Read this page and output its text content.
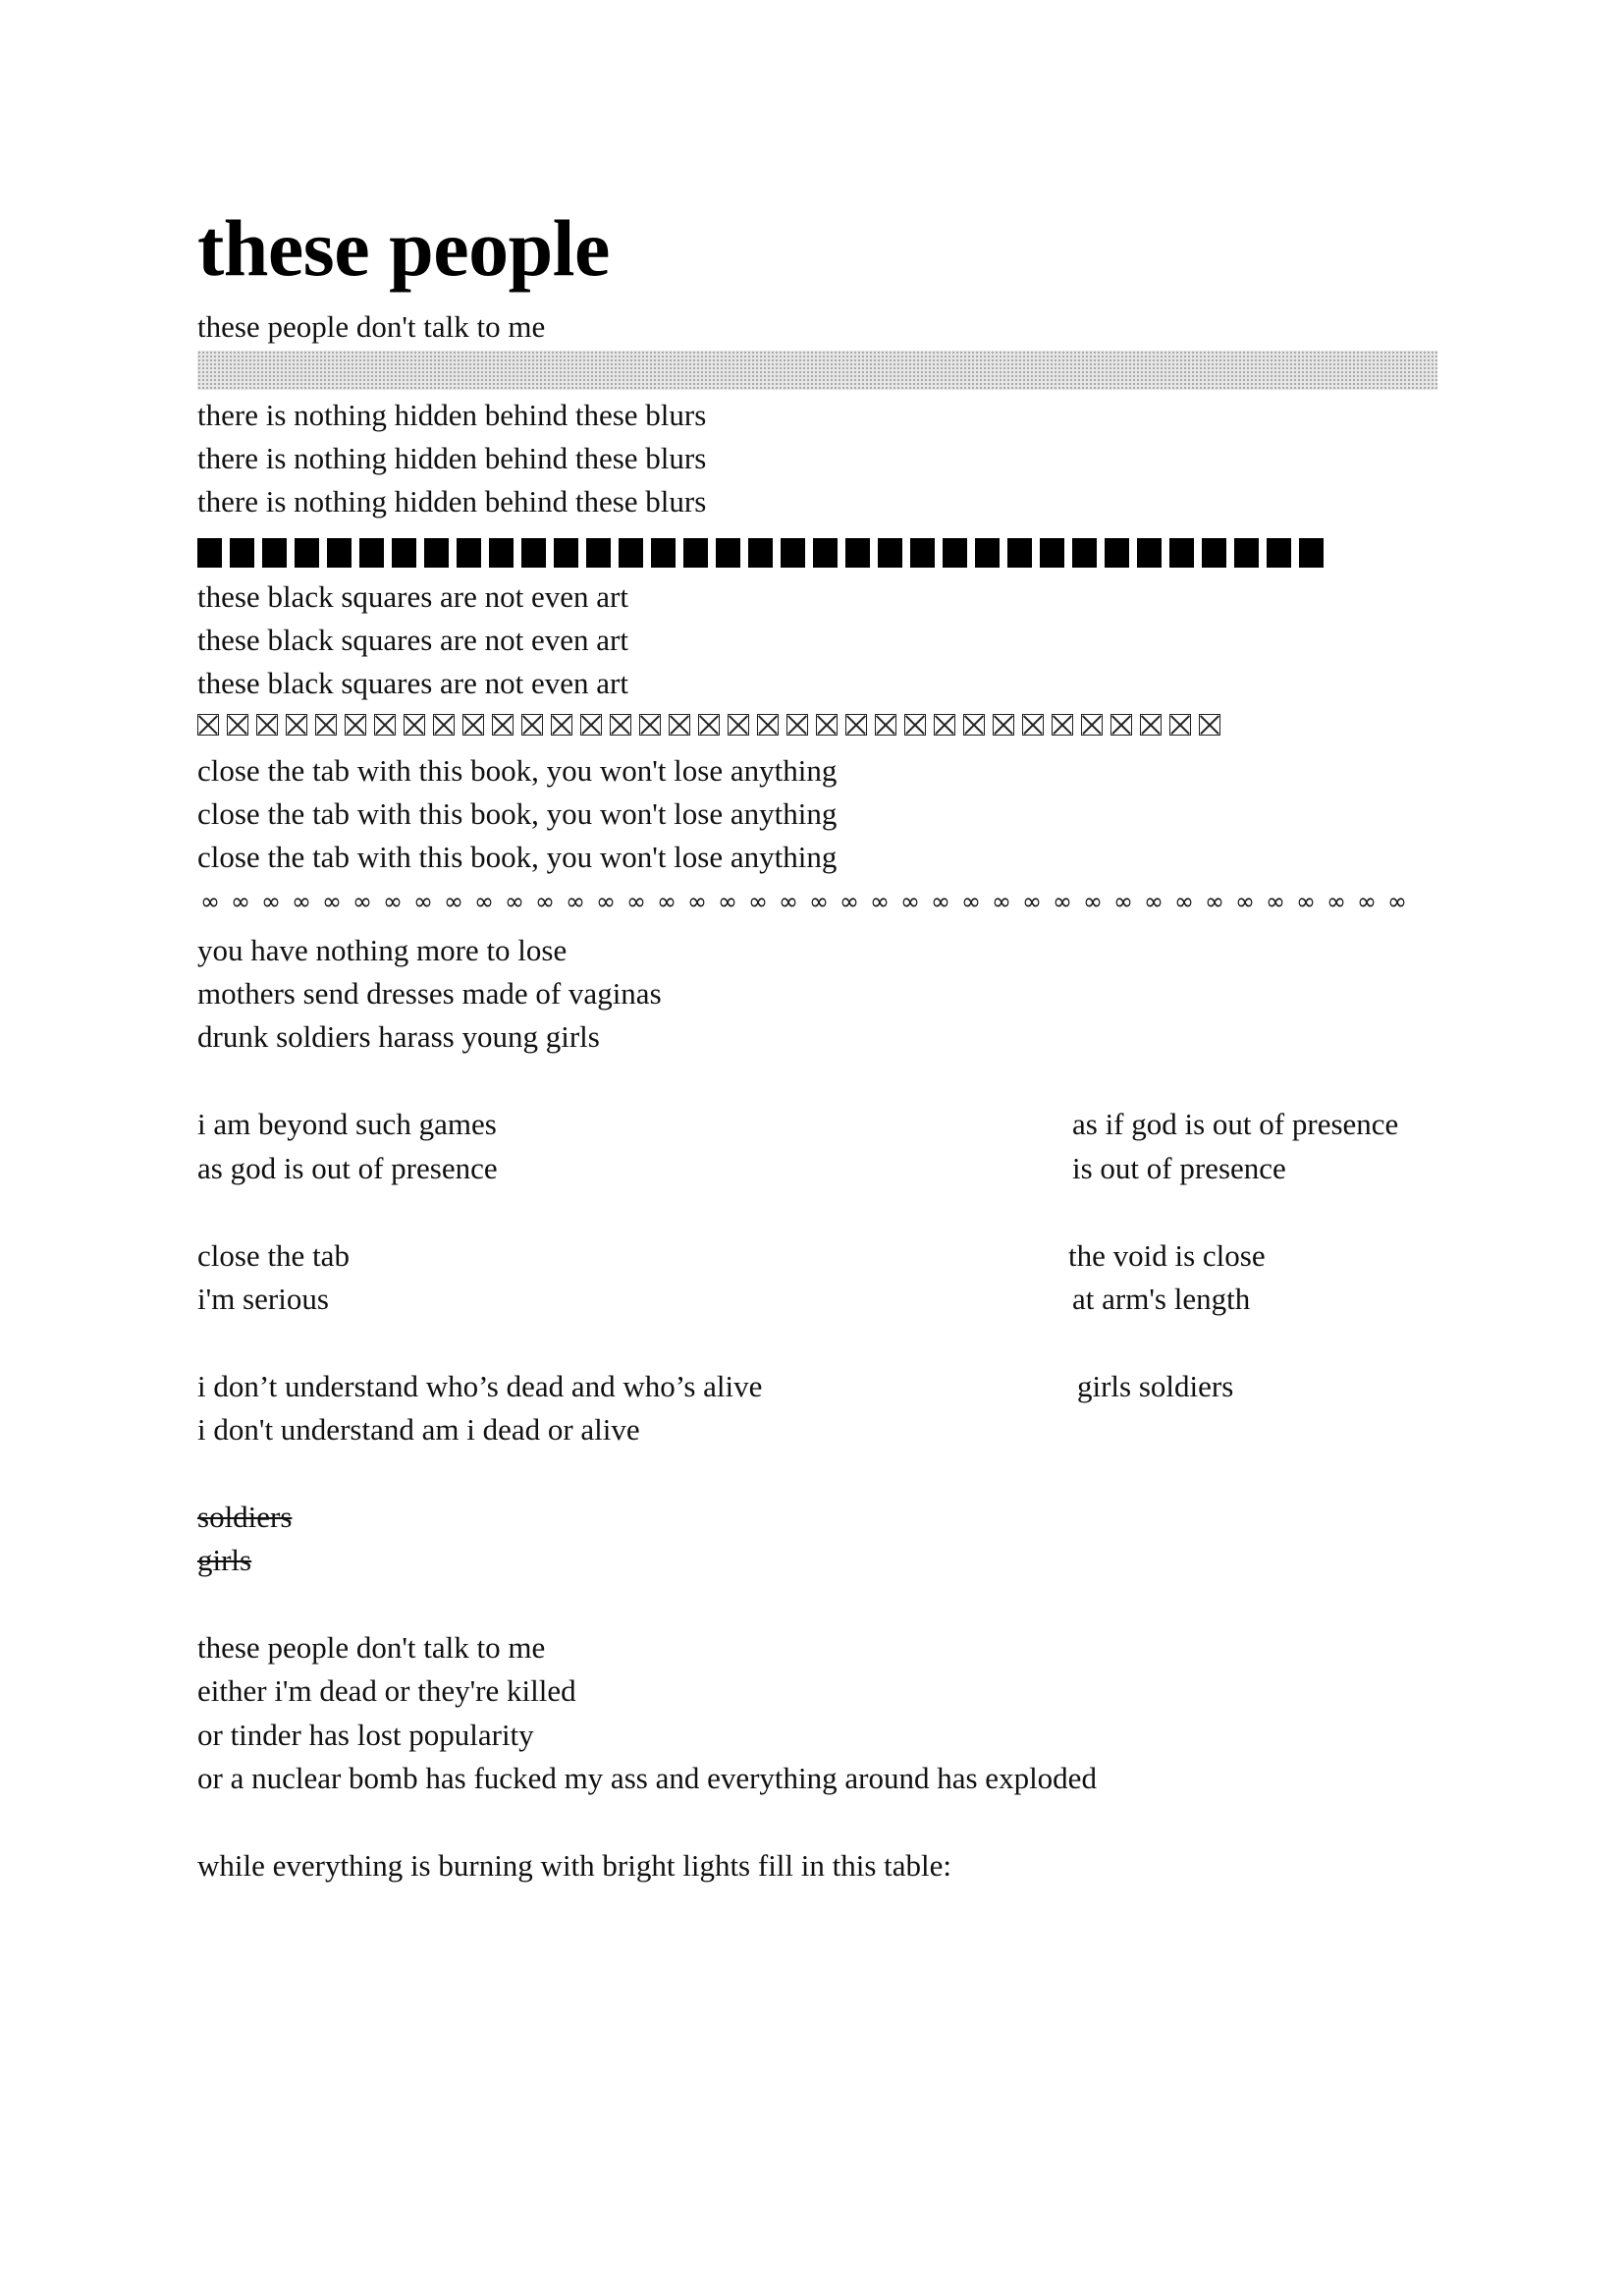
these people
these people don't talk to me
there is nothing hidden behind these blurs
there is nothing hidden behind these blurs
there is nothing hidden behind these blurs
these black squares are not even art
these black squares are not even art
these black squares are not even art
close the tab with this book, you won't lose anything
close the tab with this book, you won't lose anything
close the tab with this book, you won't lose anything
∞ ∞ ∞ ∞ ∞ ∞ ∞ ∞ ∞ ∞ ∞ ∞ ∞ ∞ ∞ ∞ ∞ ∞ ∞ ∞ ∞ ∞ ∞ ∞ ∞ ∞ ∞ ∞ ∞ ∞ ∞ ∞ ∞ ∞ ∞ ∞ ∞ ∞ ∞ ∞
you have nothing more to lose
mothers send dresses made of vaginas
drunk soldiers harass young girls
i am beyond such games
as god is out of presence
as if god is out of presence
is out of presence
close the tab
i'm serious
the void is close
at arm's length
i don’t understand who’s dead and who’s alive
i don't understand am i dead or alive
girls soldiers
soldiers
girls
these people don't talk to me
either i'm dead or they're killed
or tinder has lost popularity
or a nuclear bomb has fucked my ass and everything around has exploded
while everything is burning with bright lights fill in this table:
